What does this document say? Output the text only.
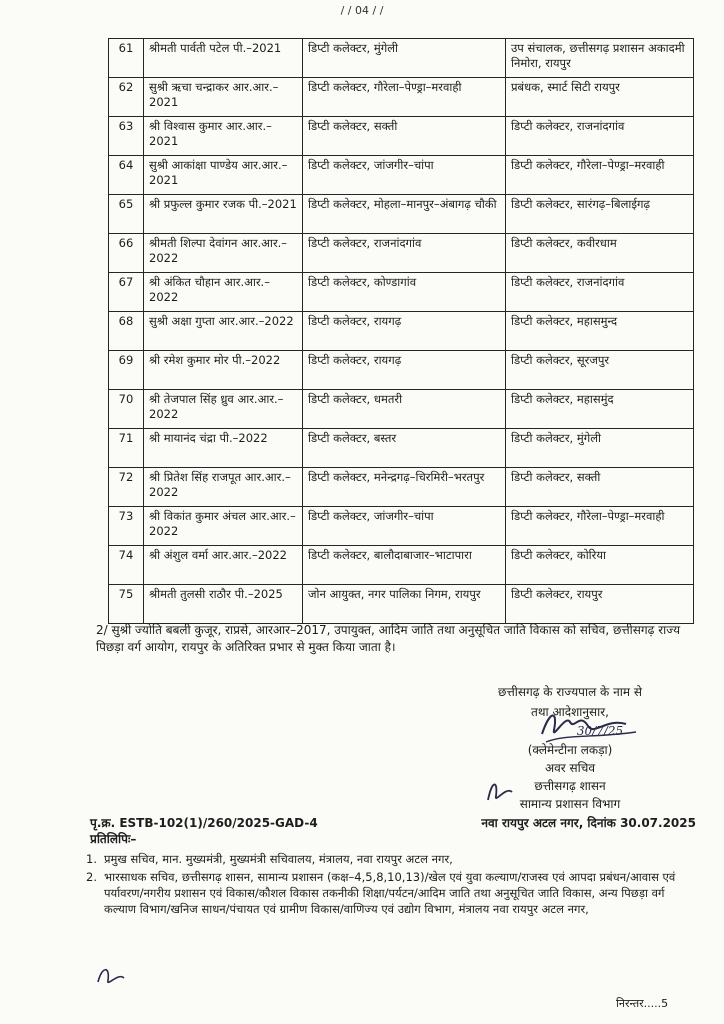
/ / 04 / /
61	श्रीमती पार्वती पटेल पी.–2021	डिप्टी कलेक्टर, मुंगेली	उप संचालक, छत्तीसगढ़ प्रशासन अकादमी निमोरा, रायपुर
62	सुश्री ऋचा चन्द्राकर आर.आर.–2021	डिप्टी कलेक्टर, गौरेला–पेण्ड्रा–मरवाही	प्रबंधक, स्मार्ट सिटी रायपुर
63	श्री विश्वास कुमार आर.आर.–2021	डिप्टी कलेक्टर, सक्ती	डिप्टी कलेक्टर, राजनांदगांव
64	सुश्री आकांक्षा पाण्डेय आर.आर.–2021	डिप्टी कलेक्टर, जांजगीर–चांपा	डिप्टी कलेक्टर, गौरेला–पेण्ड्रा–मरवाही
65	श्री प्रफुल्ल कुमार रजक पी.–2021	डिप्टी कलेक्टर, मोहला–मानपुर–अंबागढ़ चौकी	डिप्टी कलेक्टर, सारंगढ़–बिलाईगढ़
66	श्रीमती शिल्पा देवांगन आर.आर.–2022	डिप्टी कलेक्टर, राजनांदगांव	डिप्टी कलेक्टर, कवीरधाम
67	श्री अंकित चौहान आर.आर.–2022	डिप्टी कलेक्टर, कोण्डागांव	डिप्टी कलेक्टर, राजनांदगांव
68	सुश्री अक्षा गुप्ता आर.आर.–2022	डिप्टी कलेक्टर, रायगढ़	डिप्टी कलेक्टर, महासमुन्द
69	श्री रमेश कुमार मोर पी.–2022	डिप्टी कलेक्टर, रायगढ़	डिप्टी कलेक्टर, सूरजपुर
70	श्री तेजपाल सिंह ध्रुव आर.आर.–2022	डिप्टी कलेक्टर, धमतरी	डिप्टी कलेक्टर, महासमुंद
71	श्री मायानंद चंद्रा पी.–2022	डिप्टी कलेक्टर, बस्तर	डिप्टी कलेक्टर, मुंगेली
72	श्री प्रितेश सिंह राजपूत आर.आर.–2022	डिप्टी कलेक्टर, मनेन्द्रगढ़–चिरमिरी–भरतपुर	डिप्टी कलेक्टर, सक्ती
73	श्री विकांत कुमार अंचल आर.आर.–2022	डिप्टी कलेक्टर, जांजगीर–चांपा	डिप्टी कलेक्टर, गौरेला–पेण्ड्रा–मरवाही
74	श्री अंशुल वर्मा आर.आर.–2022	डिप्टी कलेक्टर, बालौदाबाजार–भाटापारा	डिप्टी कलेक्टर, कोरिया
75	श्रीमती तुलसी राठौर पी.–2025	जोन आयुक्त, नगर पालिका निगम, रायपुर	डिप्टी कलेक्टर, रायपुर
2/ सुश्री ज्योति बबली कुजूर, राप्रसे, आरआर–2017, उपायुक्त, आदिम जाति तथा अनुसूचित जाति विकास को सचिव, छत्तीसगढ़ राज्य पिछड़ा वर्ग आयोग, रायपुर के अतिरिक्त प्रभार से मुक्त किया जाता है।
छत्तीसगढ़ के राज्यपाल के नाम से
तथा आदेशानुसार,
30/7/25
(क्लेमेन्टीना लकड़ा)
अवर सचिव
छत्तीसगढ़ शासन
सामान्य प्रशासन विभाग
पृ.क्र. ESTB-102(1)/260/2025-GAD-4	नवा रायपुर अटल नगर, दिनांक 30.07.2025
प्रतिलिपिः–
1. प्रमुख सचिव, मान. मुख्यमंत्री, मुख्यमंत्री सचिवालय, मंत्रालय, नवा रायपुर अटल नगर,
2. भारसाधक सचिव, छत्तीसगढ़ शासन, सामान्य प्रशासन (कक्ष–4,5,8,10,13)/खेल एवं युवा कल्याण/राजस्व एवं आपदा प्रबंधन/आवास एवं पर्यावरण/नगरीय प्रशासन एवं विकास/कौशल विकास तकनीकी शिक्षा/पर्यटन/आदिम जाति तथा अनुसूचित जाति विकास, अन्य पिछड़ा वर्ग कल्याण विभाग/खनिज साधन/पंचायत एवं ग्रामीण विकास/वाणिज्य एवं उद्योग विभाग, मंत्रालय नवा रायपुर अटल नगर,
निरन्तर.....5
